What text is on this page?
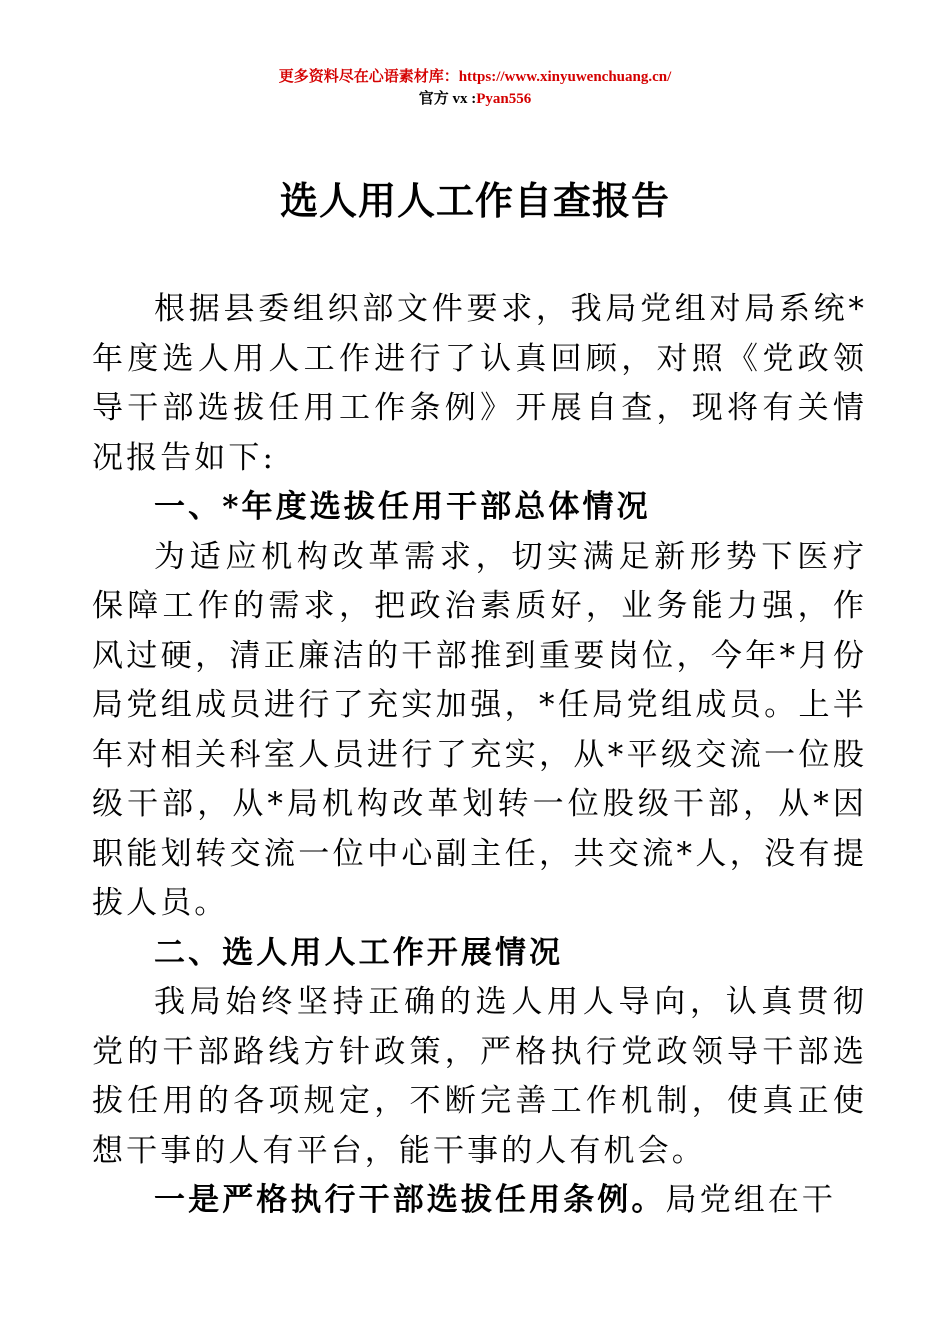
更多资料尽在心语素材库：https://www.xinyuwenchuang.cn/
官方 vx :Pyan556
选人用人工作自查报告

根据县委组织部文件要求，我局党组对局系统*年度选人用人工作进行了认真回顾，对照《党政领导干部选拔任用工作条例》开展自查，现将有关情况报告如下:

一、*年度选拔任用干部总体情况

为适应机构改革需求，切实满足新形势下医疗保障工作的需求，把政治素质好，业务能力强，作风过硬，清正廉洁的干部推到重要岗位，今年*月份局党组成员进行了充实加强，*任局党组成员。上半年对相关科室人员进行了充实，从*平级交流一位股级干部，从*局机构改革划转一位股级干部，从*因职能划转交流一位中心副主任，共交流*人，没有提拔人员。

二、选人用人工作开展情况

我局始终坚持正确的选人用人导向，认真贯彻党的干部路线方针政策，严格执行党政领导干部选拔任用的各项规定，不断完善工作机制，使真正使想干事的人有平台，能干事的人有机会。

一是严格执行干部选拔任用条例。局党组在干
